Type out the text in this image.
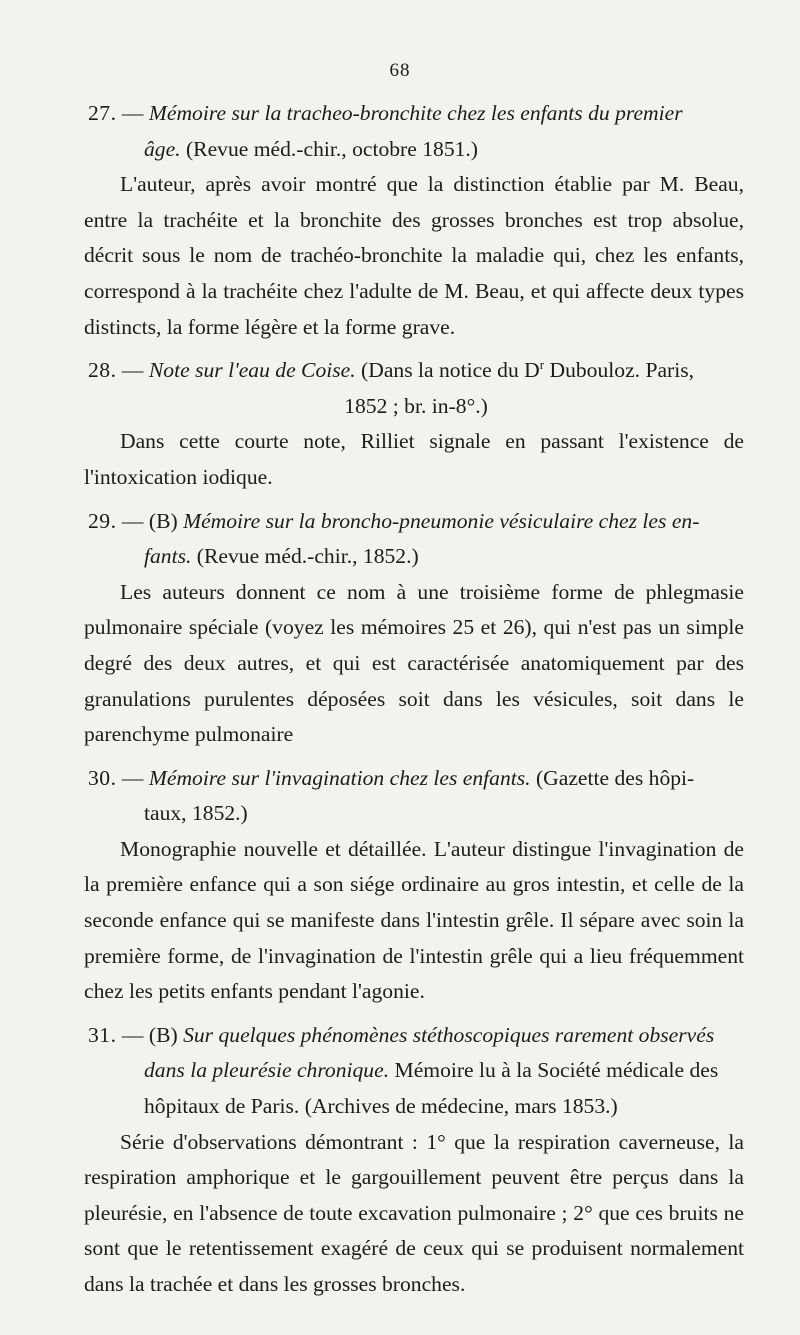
68

27. — Mémoire sur la tracheo-bronchite chez les enfants du premier
âge. (Revue méd.-chir., octobre 1851.)

L'auteur, après avoir montré que la distinction établie par M. Beau, entre la trachéite et la bronchite des grosses bronches est trop absolue, décrit sous le nom de trachéo-bronchite la maladie qui, chez les enfants, correspond à la trachéite chez l'adulte de M. Beau, et qui affecte deux types distincts, la forme légère et la forme grave.

28. — Note sur l'eau de Coise. (Dans la notice du $D^r$ Dubouloz. Paris,
1852 ; br. in-8°.)

Dans cette courte note, Rilliet signale en passant l'existence de l'intoxication iodique.

29. — (B) Mémoire sur la broncho-pneumonie vésiculaire chez les en-
fants. (Revue méd.-chir., 1852.)

Les auteurs donnent ce nom à une troisième forme de phlegmasie pulmonaire spéciale (voyez les mémoires 25 et 26), qui n'est pas un simple degré des deux autres, et qui est caractérisée anatomiquement par des granulations purulentes déposées soit dans les vésicules, soit dans le parenchyme pulmonaire

30. — Mémoire sur l'invagination chez les enfants. (Gazette des hôpi-
taux, 1852.)

Monographie nouvelle et détaillée. L'auteur distingue l'invagination de la première enfance qui a son siége ordinaire au gros intestin, et celle de la seconde enfance qui se manifeste dans l'intestin grêle. Il sépare avec soin la première forme, de l'invagination de l'intestin grêle qui a lieu fréquemment chez les petits enfants pendant l'agonie.

31. — (B) Sur quelques phénomènes stéthoscopiques rarement observés
dans la pleurésie chronique. Mémoire lu à la Société médicale des
hôpitaux de Paris. (Archives de médecine, mars 1853.)

Série d'observations démontrant : 1° que la respiration caverneuse, la respiration amphorique et le gargouillement peuvent être perçus dans la pleurésie, en l'absence de toute excavation pulmonaire ; 2° que ces bruits ne sont que le retentissement exagéré de ceux qui se produisent normalement dans la trachée et dans les grosses bronches.
